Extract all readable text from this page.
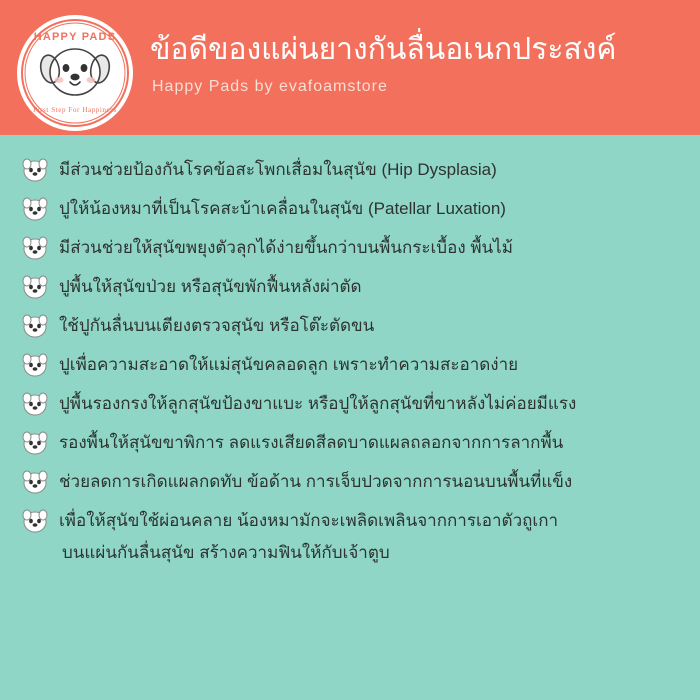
HAPPY PADS
First Step For Happiness
ข้อดีของแผ่นยางกันลื่นอเนกประสงค์
Happy Pads by evafoamstore
มีส่วนช่วยป้องกันโรคข้อสะโพกเสื่อมในสุนัข (Hip Dysplasia)
ปูให้น้องหมาที่เป็นโรคสะบ้าเคลื่อนในสุนัข (Patellar Luxation)
มีส่วนช่วยให้สุนัขพยุงตัวลุกได้ง่ายขึ้นกว่าบนพื้นกระเบื้อง พื้นไม้
ปูพื้นให้สุนัขป่วย หรือสุนัขพักฟื้นหลังผ่าตัด
ใช้ปูกันลื่นบนเตียงตรวจสุนัข หรือโต๊ะตัดขน
ปูเพื่อความสะอาดให้แม่สุนัขคลอดลูก เพราะทำความสะอาดง่าย
ปูพื้นรองกรงให้ลูกสุนัขป้องขาแบะ หรือปูให้ลูกสุนัขที่ขาหลังไม่ค่อยมีแรง
รองพื้นให้สุนัขขาพิการ ลดแรงเสียดสีลดบาดแผลถลอกจากการลากพื้น
ช่วยลดการเกิดแผลกดทับ ข้อด้าน การเจ็บปวดจากการนอนบนพื้นที่แข็ง
เพื่อให้สุนัขใช้ผ่อนคลาย น้องหมามักจะเพลิดเพลินจากการเอาตัวถูเกา
บนแผ่นกันลื่นสุนัข สร้างความฟินให้กับเจ้าตูบ
